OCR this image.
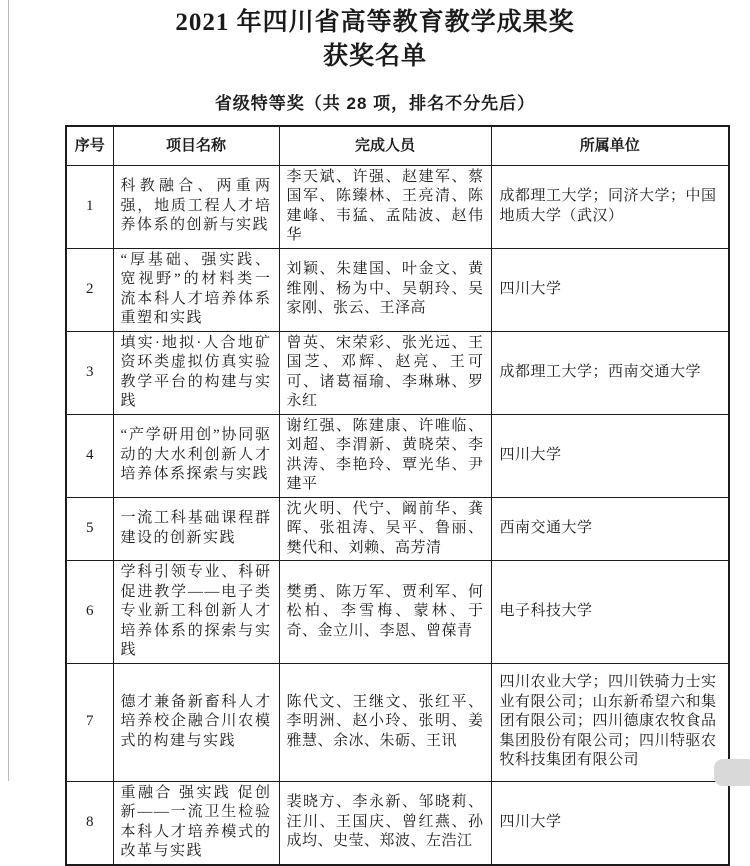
2021 年四川省高等教育教学成果奖
获奖名单
省级特等奖（共 28 项，排名不分先后）
序号	项目名称	完成人员	所属单位
1	科教融合、两重两强，地质工程人才培养体系的创新与实践	李天斌、许强、赵建军、蔡国军、陈臻林、王亮清、陈建峰、韦猛、孟陆波、赵伟华	成都理工大学；同济大学；中国地质大学（武汉）
2	“厚基础、强实践、宽视野”的材料类一流本科人才培养体系重塑和实践	刘颖、朱建国、叶金文、黄维刚、杨为中、吴朝玲、吴家刚、张云、王泽高	四川大学
3	填实·地拟·人合地矿资环类虚拟仿真实验教学平台的构建与实践	曾英、宋荣彩、张光远、王国芝、邓辉、赵亮、王可可、诸葛福瑜、李琳琳、罗永红	成都理工大学；西南交通大学
4	“产学研用创”协同驱动的大水利创新人才培养体系探索与实践	谢红强、陈建康、许唯临、刘超、李渭新、黄晓荣、李洪涛、李艳玲、覃光华、尹建平	四川大学
5	一流工科基础课程群建设的创新实践	沈火明、代宁、阚前华、龚晖、张祖涛、吴平、鲁丽、樊代和、刘赖、高芳清	西南交通大学
6	学科引领专业、科研促进教学——电子类专业新工科创新人才培养体系的探索与实践	樊勇、陈万军、贾利军、何松柏、李雪梅、蒙林、于奇、金立川、李恩、曾葆青	电子科技大学
7	德才兼备新畜科人才培养校企融合川农模式的构建与实践	陈代文、王继文、张红平、李明洲、赵小玲、张明、姜雅慧、余冰、朱砺、王讯	四川农业大学；四川铁骑力士实业有限公司；山东新希望六和集团有限公司；四川德康农牧食品集团股份有限公司；四川特驱农牧科技集团有限公司
8	重融合 强实践 促创新——一流卫生检验本科人才培养模式的改革与实践	裴晓方、李永新、邹晓莉、汪川、王国庆、曾红燕、孙成均、史莹、郑波、左浩江	四川大学
